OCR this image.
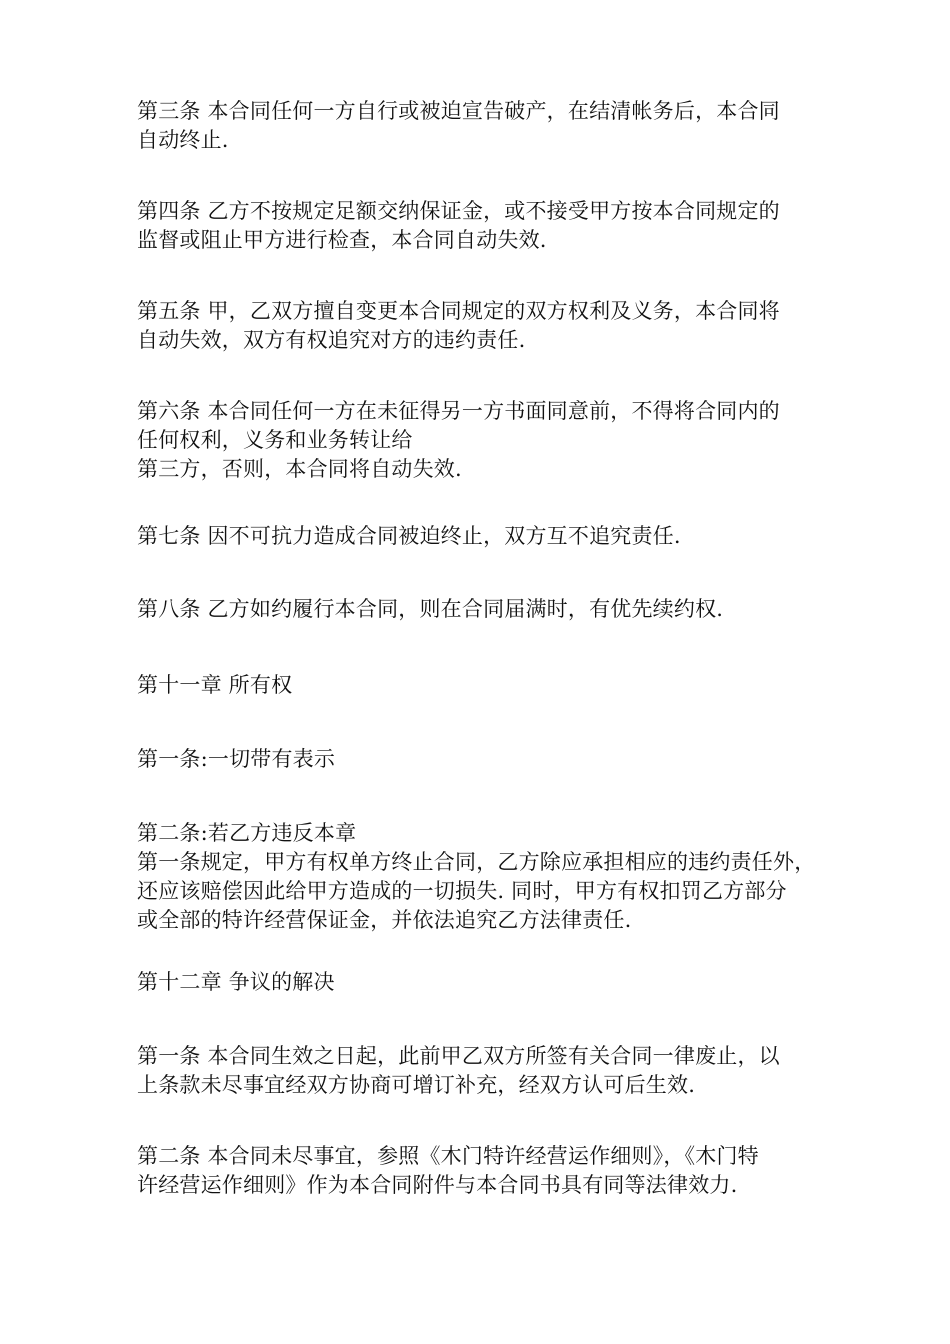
第三条 本合同任何一方自行或被迫宣告破产，在结清帐务后，本合同
自动终止.
第四条 乙方不按规定足额交纳保证金，或不接受甲方按本合同规定的
监督或阻止甲方进行检查，本合同自动失效.
第五条 甲，乙双方擅自变更本合同规定的双方权利及义务，本合同将
自动失效，双方有权追究对方的违约责任.
第六条 本合同任何一方在未征得另一方书面同意前，不得将合同内的
任何权利，义务和业务转让给
第三方，否则，本合同将自动失效.
第七条 因不可抗力造成合同被迫终止，双方互不追究责任.
第八条 乙方如约履行本合同，则在合同届满时，有优先续约权.
第十一章 所有权
第一条:一切带有表示
第二条:若乙方违反本章
第一条规定，甲方有权单方终止合同，乙方除应承担相应的违约责任外，
还应该赔偿因此给甲方造成的一切损失. 同时，甲方有权扣罚乙方部分
或全部的特许经营保证金，并依法追究乙方法律责任.
第十二章 争议的解决
第一条 本合同生效之日起，此前甲乙双方所签有关合同一律废止，以
上条款未尽事宜经双方协商可增订补充，经双方认可后生效.
第二条 本合同未尽事宜，参照《木门特许经营运作细则》，《木门特
许经营运作细则》作为本合同附件与本合同书具有同等法律效力.
